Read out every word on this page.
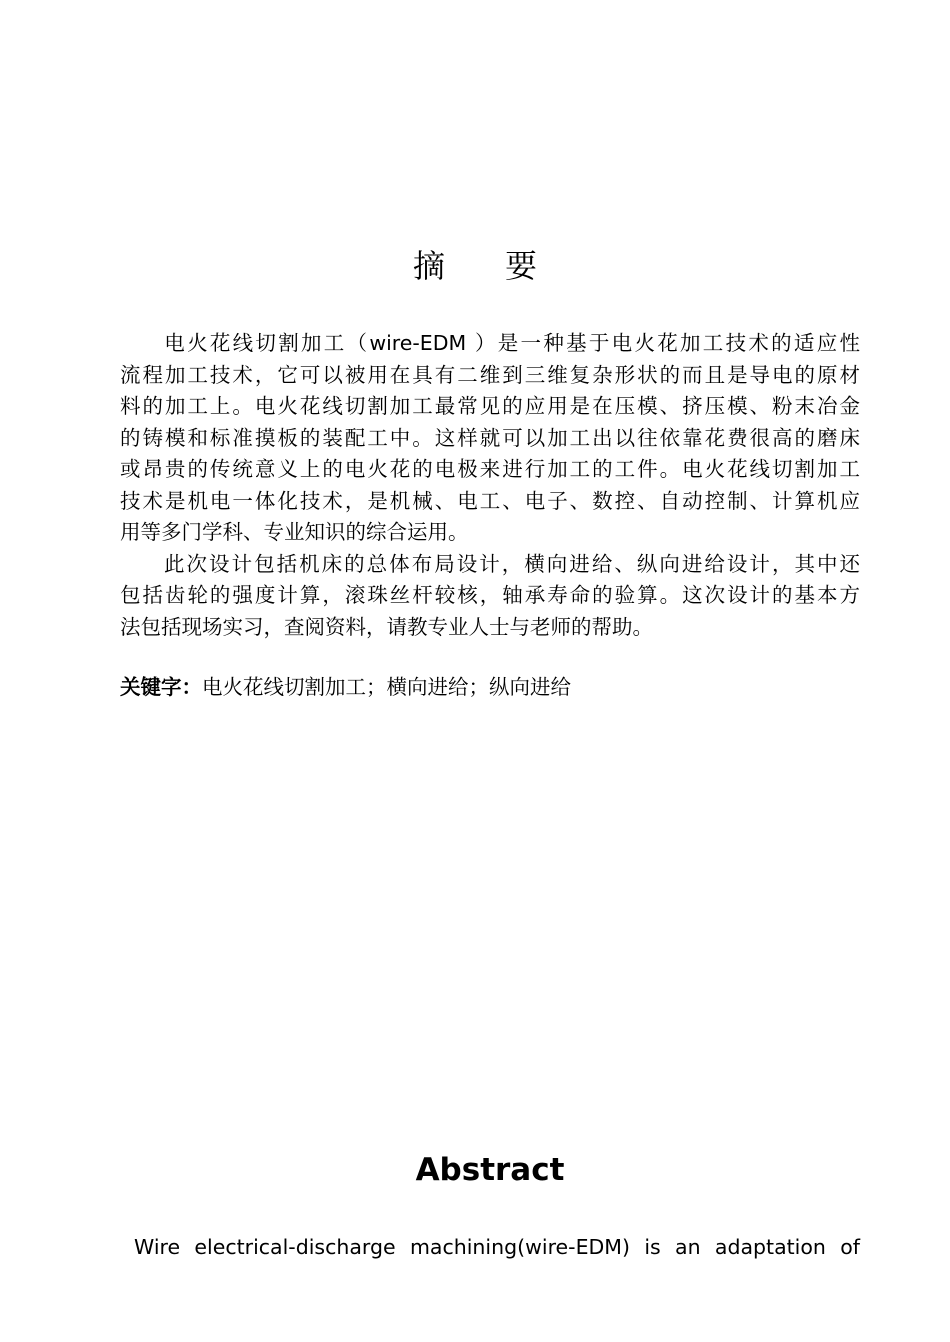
摘 要
电火花线切割加工（wire-EDM ）是一种基于电火花加工技术的适应性
流程加工技术，它可以被用在具有二维到三维复杂形状的而且是导电的原材
料的加工上。电火花线切割加工最常见的应用是在压模、挤压模、粉末冶金
的铸模和标准摸板的装配工中。这样就可以加工出以往依靠花费很高的磨床
或昂贵的传统意义上的电火花的电极来进行加工的工件。电火花线切割加工
技术是机电一体化技术，是机械、电工、电子、数控、自动控制、计算机应
用等多门学科、专业知识的综合运用。
此次设计包括机床的总体布局设计，横向进给、纵向进给设计，其中还
包括齿轮的强度计算，滚珠丝杆较核，轴承寿命的验算。这次设计的基本方
法包括现场实习，查阅资料，请教专业人士与老师的帮助。
关键字：电火花线切割加工；横向进给；纵向进给
Abstract
Wire electrical-discharge machining(wire-EDM) is an adaptation of
